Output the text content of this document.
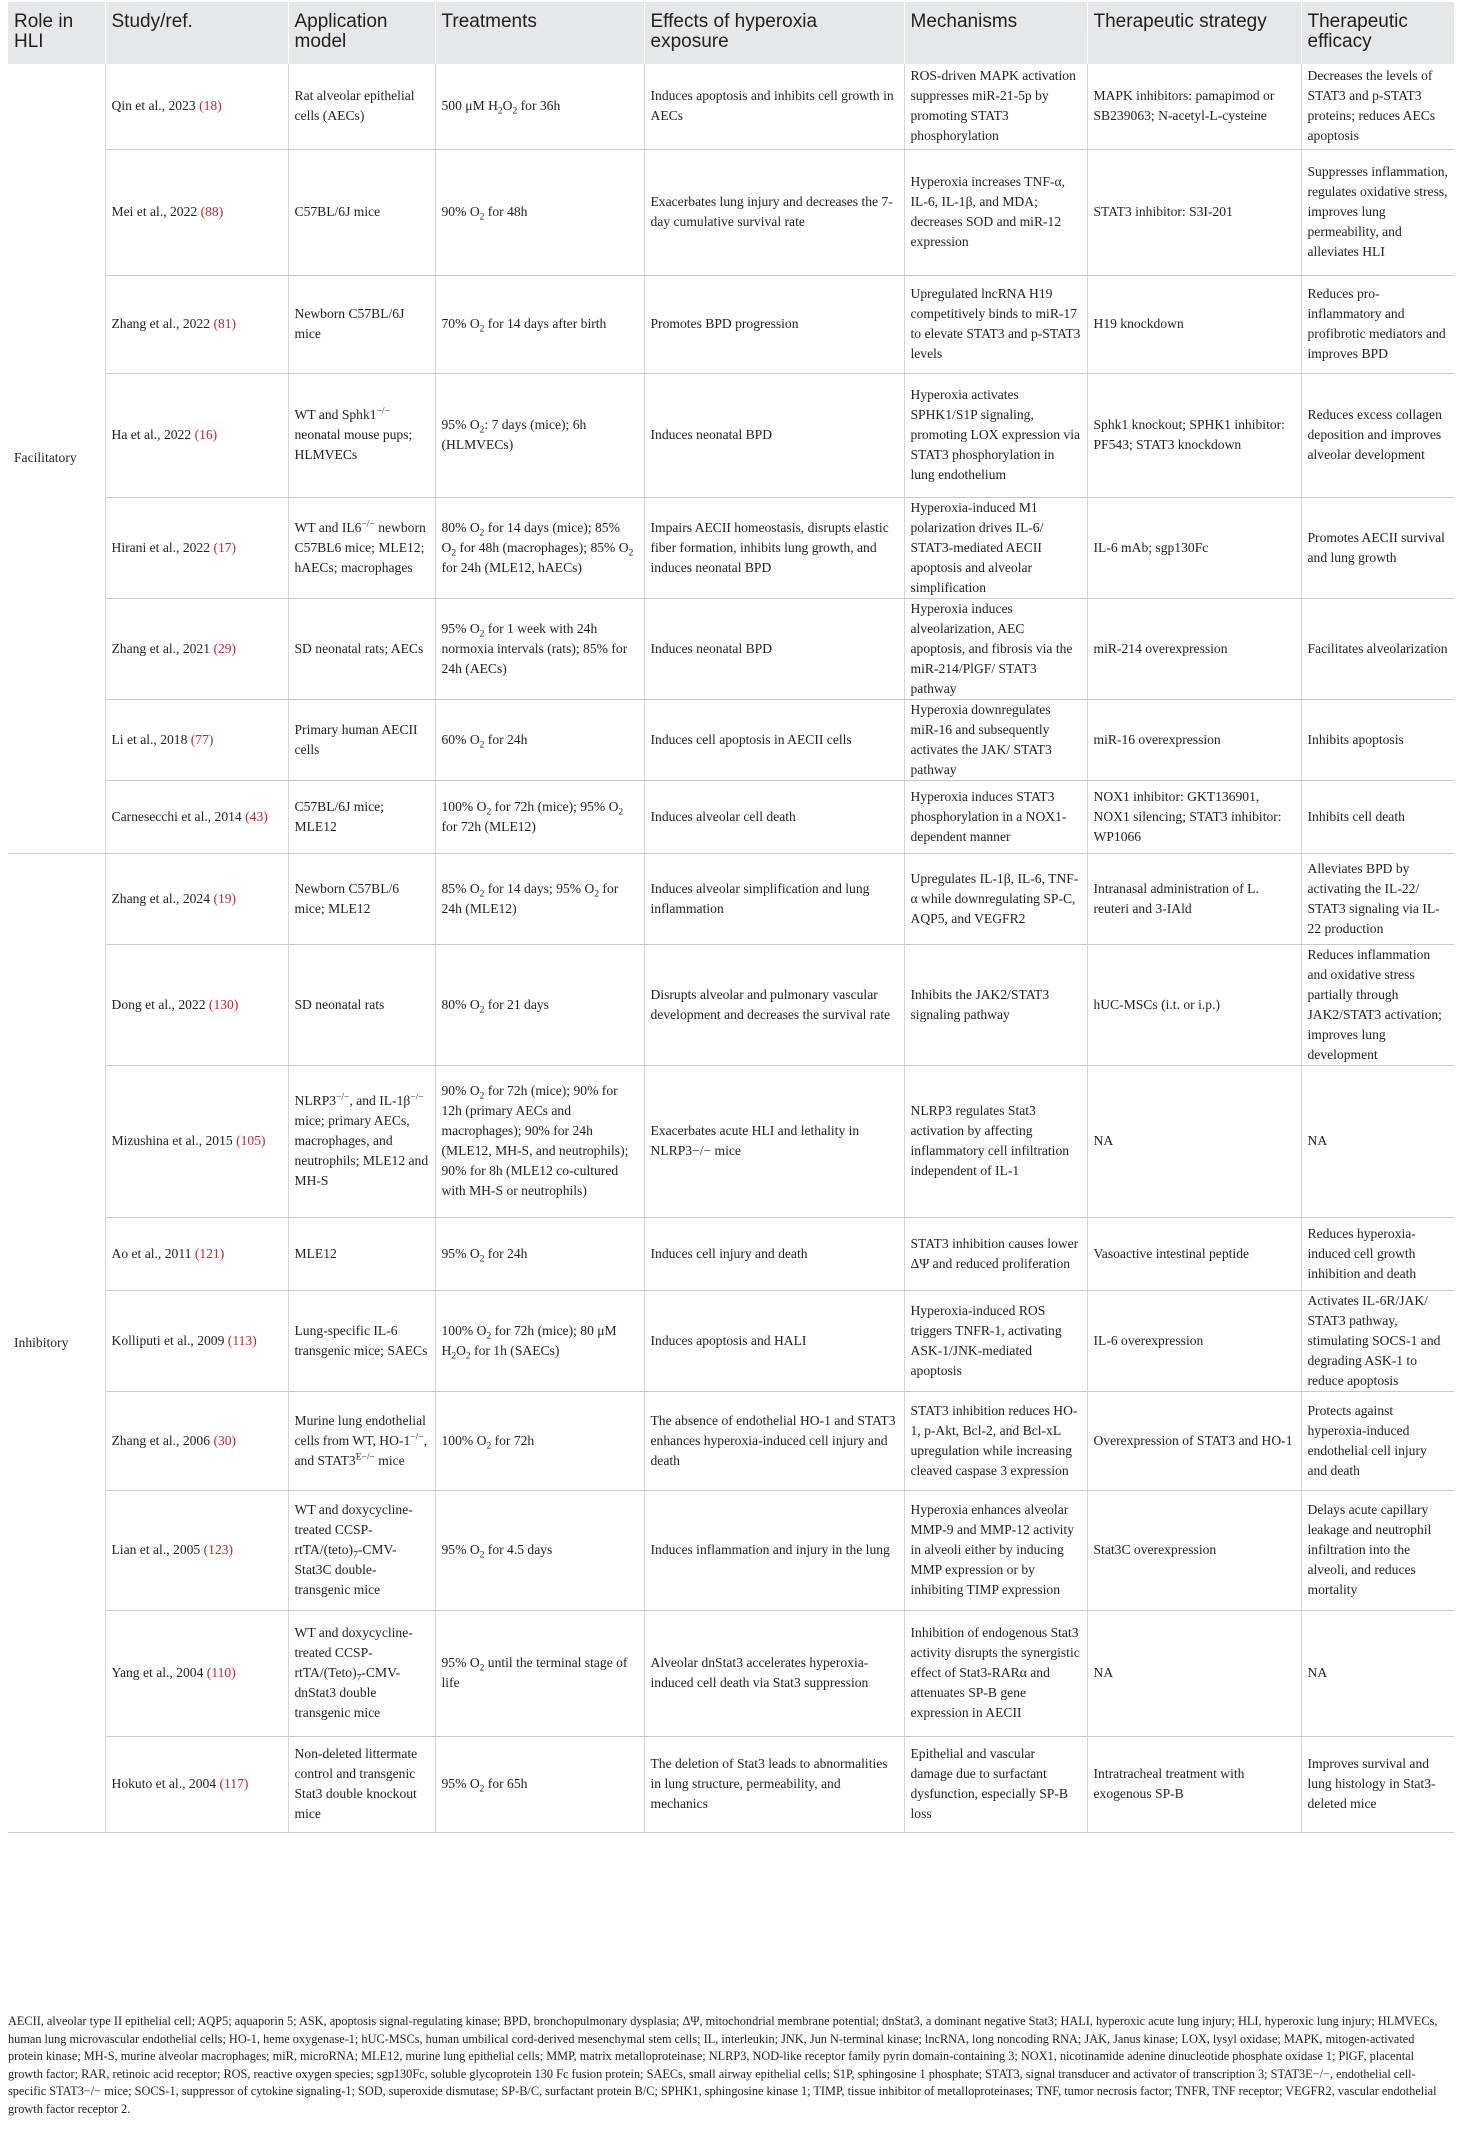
Role in HLI	Study/ref.	Application model	Treatments	Effects of hyperoxia exposure	Mechanisms	Therapeutic strategy	Therapeutic efficacy
Facilitatory	Qin et al., 2023 (18)	Rat alveolar epithelial cells (AECs)	500 μM $H_2O_2$ for 36h	Induces apoptosis and inhibits cell growth in AECs	ROS-driven MAPK activation suppresses miR-21-5p by promoting STAT3 phosphorylation	MAPK inhibitors: pamapimod or SB239063; N-acetyl-L-cysteine	Decreases the levels of STAT3 and p-STAT3 proteins; reduces AECs apoptosis
	Mei et al., 2022 (88)	C57BL/6J mice	90% $O_2$ for 48h	Exacerbates lung injury and decreases the 7-day cumulative survival rate	Hyperoxia increases TNF-α, IL-6, IL-1β, and MDA; decreases SOD and miR-12 expression	STAT3 inhibitor: S3I-201	Suppresses inflammation, regulates oxidative stress, improves lung permeability, and alleviates HLI
	Zhang et al., 2022 (81)	Newborn C57BL/6J mice	70% $O_2$ for 14 days after birth	Promotes BPD progression	Upregulated lncRNA H19 competitively binds to miR-17 to elevate STAT3 and p-STAT3 levels	H19 knockdown	Reduces pro-inflammatory and profibrotic mediators and improves BPD
	Ha et al., 2022 (16)	WT and Sphk1−/− neonatal mouse pups; HLMVECs	95% $O_2$: 7 days (mice); 6h (HLMVECs)	Induces neonatal BPD	Hyperoxia activates SPHK1/S1P signaling, promoting LOX expression via STAT3 phosphorylation in lung endothelium	Sphk1 knockout; SPHK1 inhibitor: PF543; STAT3 knockdown	Reduces excess collagen deposition and improves alveolar development
	Hirani et al., 2022 (17)	WT and IL6−/− newborn C57BL6 mice; MLE12; hAECs; macrophages	80% $O_2$ for 14 days (mice); 85% $O_2$ for 48h (macrophages); 85% $O_2$ for 24h (MLE12, hAECs)	Impairs AECII homeostasis, disrupts elastic fiber formation, inhibits lung growth, and induces neonatal BPD	Hyperoxia-induced M1 polarization drives IL-6/ STAT3-mediated AECII apoptosis and alveolar simplification	IL-6 mAb; sgp130Fc	Promotes AECII survival and lung growth
	Zhang et al., 2021 (29)	SD neonatal rats; AECs	95% $O_2$ for 1 week with 24h normoxia intervals (rats); 85% for 24h (AECs)	Induces neonatal BPD	Hyperoxia induces alveolarization, AEC apoptosis, and fibrosis via the miR-214/PlGF/ STAT3 pathway	miR-214 overexpression	Facilitates alveolarization
	Li et al., 2018 (77)	Primary human AECII cells	60% $O_2$ for 24h	Induces cell apoptosis in AECII cells	Hyperoxia downregulates miR-16 and subsequently activates the JAK/ STAT3 pathway	miR-16 overexpression	Inhibits apoptosis
	Carnesecchi et al., 2014 (43)	C57BL/6J mice; MLE12	100% $O_2$ for 72h (mice); 95% $O_2$ for 72h (MLE12)	Induces alveolar cell death	Hyperoxia induces STAT3 phosphorylation in a NOX1-dependent manner	NOX1 inhibitor: GKT136901, NOX1 silencing; STAT3 inhibitor: WP1066	Inhibits cell death
Inhibitory	Zhang et al., 2024 (19)	Newborn C57BL/6 mice; MLE12	85% $O_2$ for 14 days; 95% $O_2$ for 24h (MLE12)	Induces alveolar simplification and lung inflammation	Upregulates IL-1β, IL-6, TNF-α while downregulating SP-C, AQP5, and VEGFR2	Intranasal administration of L. reuteri and 3-IAld	Alleviates BPD by activating the IL-22/ STAT3 signaling via IL-22 production
	Dong et al., 2022 (130)	SD neonatal rats	80% $O_2$ for 21 days	Disrupts alveolar and pulmonary vascular development and decreases the survival rate	Inhibits the JAK2/STAT3 signaling pathway	hUC-MSCs (i.t. or i.p.)	Reduces inflammation and oxidative stress partially through JAK2/STAT3 activation; improves lung development
	Mizushina et al., 2015 (105)	NLRP3−/−, and IL-1β−/− mice; primary AECs, macrophages, and neutrophils; MLE12 and MH-S	90% $O_2$ for 72h (mice); 90% for 12h (primary AECs and macrophages); 90% for 24h (MLE12, MH-S, and neutrophils); 90% for 8h (MLE12 co-cultured with MH-S or neutrophils)	Exacerbates acute HLI and lethality in NLRP3−/− mice	NLRP3 regulates Stat3 activation by affecting inflammatory cell infiltration independent of IL-1	NA	NA
	Ao et al., 2011 (121)	MLE12	95% $O_2$ for 24h	Induces cell injury and death	STAT3 inhibition causes lower ΔΨ and reduced proliferation	Vasoactive intestinal peptide	Reduces hyperoxia-induced cell growth inhibition and death
	Kolliputi et al., 2009 (113)	Lung-specific IL-6 transgenic mice; SAECs	100% $O_2$ for 72h (mice); 80 μM $H_2O_2$ for 1h (SAECs)	Induces apoptosis and HALI	Hyperoxia-induced ROS triggers TNFR-1, activating ASK-1/JNK-mediated apoptosis	IL-6 overexpression	Activates IL-6R/JAK/ STAT3 pathway, stimulating SOCS-1 and degrading ASK-1 to reduce apoptosis
	Zhang et al., 2006 (30)	Murine lung endothelial cells from WT, HO-1−/−, and $STAT3^{E-/-}$ mice	100% $O_2$ for 72h	The absence of endothelial HO-1 and STAT3 enhances hyperoxia-induced cell injury and death	STAT3 inhibition reduces HO-1, p-Akt, Bcl-2, and Bcl-xL upregulation while increasing cleaved caspase 3 expression	Overexpression of STAT3 and HO-1	Protects against hyperoxia-induced endothelial cell injury and death
	Lian et al., 2005 (123)	WT and doxycycline-treated CCSP-$rtTA/(teto)_7-CMV-Stat3C$ double-transgenic mice	95% $O_2$ for 4.5 days	Induces inflammation and injury in the lung	Hyperoxia enhances alveolar MMP-9 and MMP-12 activity in alveoli either by inducing MMP expression or by inhibiting TIMP expression	Stat3C overexpression	Delays acute capillary leakage and neutrophil infiltration into the alveoli, and reduces mortality
	Yang et al., 2004 (110)	WT and doxycycline-treated CCSP-$rtTA/(Teto)_7-CMV-dnStat3$ double transgenic mice	95% $O_2$ until the terminal stage of life	Alveolar dnStat3 accelerates hyperoxia-induced cell death via Stat3 suppression	Inhibition of endogenous Stat3 activity disrupts the synergistic effect of Stat3-RARα and attenuates SP-B gene expression in AECII	NA	NA
	Hokuto et al., 2004 (117)	Non-deleted littermate control and transgenic Stat3 double knockout mice	95% $O_2$ for 65h	The deletion of Stat3 leads to abnormalities in lung structure, permeability, and mechanics	Epithelial and vascular damage due to surfactant dysfunction, especially SP-B loss	Intratracheal treatment with exogenous SP-B	Improves survival and lung histology in Stat3-deleted mice
AECII, alveolar type II epithelial cell; AQP5; aquaporin 5; ASK, apoptosis signal-regulating kinase; BPD, bronchopulmonary dysplasia; ΔΨ, mitochondrial membrane potential; dnStat3, a dominant negative Stat3; HALI, hyperoxic acute lung injury; HLI, hyperoxic lung injury; HLMVECs, human lung microvascular endothelial cells; HO-1, heme oxygenase-1; hUC-MSCs, human umbilical cord-derived mesenchymal stem cells; IL, interleukin; JNK, Jun N-terminal kinase; lncRNA, long noncoding RNA; JAK, Janus kinase; LOX, lysyl oxidase; MAPK, mitogen-activated protein kinase; MH-S, murine alveolar macrophages; miR, microRNA; MLE12, murine lung epithelial cells; MMP, matrix metalloproteinase; NLRP3, NOD-like receptor family pyrin domain-containing 3; NOX1, nicotinamide adenine dinucleotide phosphate oxidase 1; PlGF, placental growth factor; RAR, retinoic acid receptor; ROS, reactive oxygen species; sgp130Fc, soluble glycoprotein 130 Fc fusion protein; SAECs, small airway epithelial cells; S1P, sphingosine 1 phosphate; STAT3, signal transducer and activator of transcription 3; STAT3E−/−, endothelial cell-specific STAT3−/− mice; SOCS-1, suppressor of cytokine signaling-1; SOD, superoxide dismutase; SP-B/C, surfactant protein B/C; SPHK1, sphingosine kinase 1; TIMP, tissue inhibitor of metalloproteinases; TNF, tumor necrosis factor; TNFR, TNF receptor; VEGFR2, vascular endothelial growth factor receptor 2.
